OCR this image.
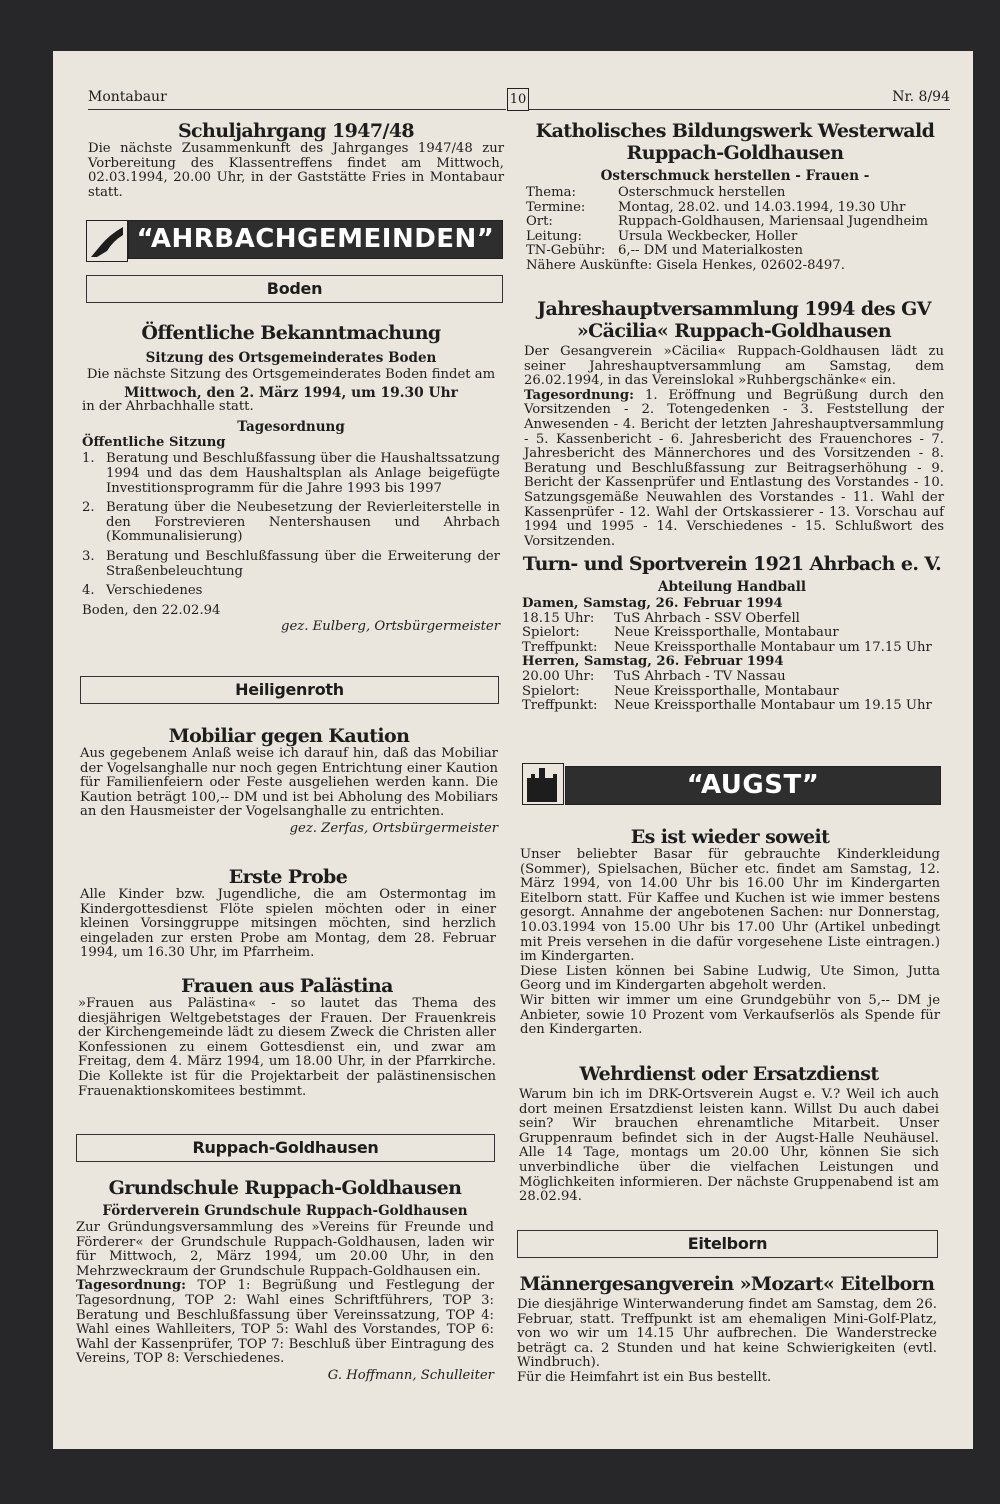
Montabaur	10	Nr. 8/94
Schuljahrgang 1947/48

Die nächste Zusammenkunft des Jahrganges 1947/48 zur Vorbereitung des Klassentreffens findet am Mittwoch, 02.03.1994, 20.00 Uhr, in der Gaststätte Fries in Montabaur statt.

“AHRBACHGEMEINDEN”
Boden
Öffentliche Bekanntmachung
Sitzung des Ortsgemeinderates Boden

Die nächste Sitzung des Ortsgemeinderates Boden findet am

Mittwoch, den 2. März 1994, um 19.30 Uhr

in der Ahrbachhalle statt.

Tagesordnung

Öffentliche Sitzung

1. Beratung und Beschlußfassung über die Haushaltssatzung 1994 und das dem Haushaltsplan als Anlage beigefügte Investitionsprogramm für die Jahre 1993 bis 1997
2. Beratung über die Neubesetzung der Revierleiterstelle in den Forstrevieren Nentershausen und Ahrbach (Kommunalisierung)
3. Beratung und Beschlußfassung über die Erweiterung der Straßenbeleuchtung
4. Verschiedenes

Boden, den 22.02.94

gez. Eulberg, Ortsbürgermeister

Heiligenroth
Mobiliar gegen Kaution

Aus gegebenem Anlaß weise ich darauf hin, daß das Mobiliar der Vogelsanghalle nur noch gegen Entrichtung einer Kaution für Familienfeiern oder Feste ausgeliehen werden kann. Die Kaution beträgt 100,-- DM und ist bei Abholung des Mobiliars an den Hausmeister der Vogelsanghalle zu entrichten.

gez. Zerfas, Ortsbürgermeister

Erste Probe

Alle Kinder bzw. Jugendliche, die am Ostermontag im Kindergottesdienst Flöte spielen möchten oder in einer kleinen Vorsinggruppe mitsingen möchten, sind herzlich eingeladen zur ersten Probe am Montag, dem 28. Februar 1994, um 16.30 Uhr, im Pfarrheim.

Frauen aus Palästina

»Frauen aus Palästina« - so lautet das Thema des diesjährigen Weltgebetstages der Frauen. Der Frauenkreis der Kirchengemeinde lädt zu diesem Zweck die Christen aller Konfessionen zu einem Gottesdienst ein, und zwar am Freitag, dem 4. März 1994, um 18.00 Uhr, in der Pfarrkirche. Die Kollekte ist für die Projektarbeit der palästinensischen Frauenaktionskomitees bestimmt.

Ruppach-Goldhausen
Grundschule Ruppach-Goldhausen
Förderverein Grundschule Ruppach-Goldhausen

Zur Gründungsversammlung des »Vereins für Freunde und Förderer« der Grundschule Ruppach-Goldhausen, laden wir für Mittwoch, 2, März 1994, um 20.00 Uhr, in den Mehrzweckraum der Grundschule Ruppach-Goldhausen ein.

Tagesordnung: TOP 1: Begrüßung und Festlegung der Tagesordnung, TOP 2: Wahl eines Schriftführers, TOP 3: Beratung und Beschlußfassung über Vereinssatzung, TOP 4: Wahl eines Wahlleiters, TOP 5: Wahl des Vorstandes, TOP 6: Wahl der Kassenprüfer, TOP 7: Beschluß über Eintragung des Vereins, TOP 8: Verschiedenes.

G. Hoffmann, Schulleiter

Katholisches Bildungswerk Westerwald Ruppach-Goldhausen
Osterschmuck herstellen - Frauen -
Thema:	Osterschmuck herstellen
Termine:	Montag, 28.02. und 14.03.1994, 19.30 Uhr
Ort:	Ruppach-Goldhausen, Mariensaal Jugendheim
Leitung:	Ursula Weckbecker, Holler
TN-Gebühr: 6,-- DM und Materialkosten

Nähere Auskünfte: Gisela Henkes, 02602-8497.

Jahreshauptversammlung 1994 des GV »Cäcilia« Ruppach-Goldhausen

Der Gesangverein »Cäcilia« Ruppach-Goldhausen lädt zu seiner Jahreshauptversammlung am Samstag, dem 26.02.1994, in das Vereinslokal »Ruhbergschänke« ein.

Tagesordnung: 1. Eröffnung und Begrüßung durch den Vorsitzenden - 2. Totengedenken - 3. Feststellung der Anwesenden - 4. Bericht der letzten Jahreshauptversammlung - 5. Kassenbericht - 6. Jahresbericht des Frauenchores - 7. Jahresbericht des Männerchores und des Vorsitzenden - 8. Beratung und Beschlußfassung zur Beitragserhöhung - 9. Bericht der Kassenprüfer und Entlastung des Vorstandes - 10. Satzungsgemäße Neuwahlen des Vorstandes - 11. Wahl der Kassenprüfer - 12. Wahl der Ortskassierer - 13. Vorschau auf 1994 und 1995 - 14. Verschiedenes - 15. Schlußwort des Vorsitzenden.

Turn- und Sportverein 1921 Ahrbach e. V.
Abteilung Handball

Damen, Samstag, 26. Februar 1994

18.15 Uhr:	TuS Ahrbach - SSV Oberfell
Spielort:	Neue Kreissporthalle, Montabaur
Treffpunkt:	Neue Kreissporthalle Montabaur um 17.15 Uhr

Herren, Samstag, 26. Februar 1994

20.00 Uhr:	TuS Ahrbach - TV Nassau
Spielort:	Neue Kreissporthalle, Montabaur
Treffpunkt:	Neue Kreissporthalle Montabaur um 19.15 Uhr
“AUGST”
Es ist wieder soweit

Unser beliebter Basar für gebrauchte Kinderkleidung (Sommer), Spielsachen, Bücher etc. findet am Samstag, 12. März 1994, von 14.00 Uhr bis 16.00 Uhr im Kindergarten Eitelborn statt. Für Kaffee und Kuchen ist wie immer bestens gesorgt. Annahme der angebotenen Sachen: nur Donnerstag, 10.03.1994 von 15.00 Uhr bis 17.00 Uhr (Artikel unbedingt mit Preis versehen in die dafür vorgesehene Liste eintragen.) im Kindergarten.

Diese Listen können bei Sabine Ludwig, Ute Simon, Jutta Georg und im Kindergarten abgeholt werden.

Wir bitten wir immer um eine Grundgebühr von 5,-- DM je Anbieter, sowie 10 Prozent vom Verkaufserlös als Spende für den Kindergarten.

Wehrdienst oder Ersatzdienst

Warum bin ich im DRK-Ortsverein Augst e. V.? Weil ich auch dort meinen Ersatzdienst leisten kann. Willst Du auch dabei sein? Wir brauchen ehrenamtliche Mitarbeit. Unser Gruppenraum befindet sich in der Augst-Halle Neuhäusel. Alle 14 Tage, montags um 20.00 Uhr, können Sie sich unverbindliche über die vielfachen Leistungen und Möglichkeiten informieren. Der nächste Gruppenabend ist am 28.02.94.

Eitelborn
Männergesangverein »Mozart« Eitelborn

Die diesjährige Winterwanderung findet am Samstag, dem 26. Februar, statt. Treffpunkt ist am ehemaligen Mini-Golf-Platz, von wo wir um 14.15 Uhr aufbrechen. Die Wanderstrecke beträgt ca. 2 Stunden und hat keine Schwierigkeiten (evtl. Windbruch).

Für die Heimfahrt ist ein Bus bestellt.
